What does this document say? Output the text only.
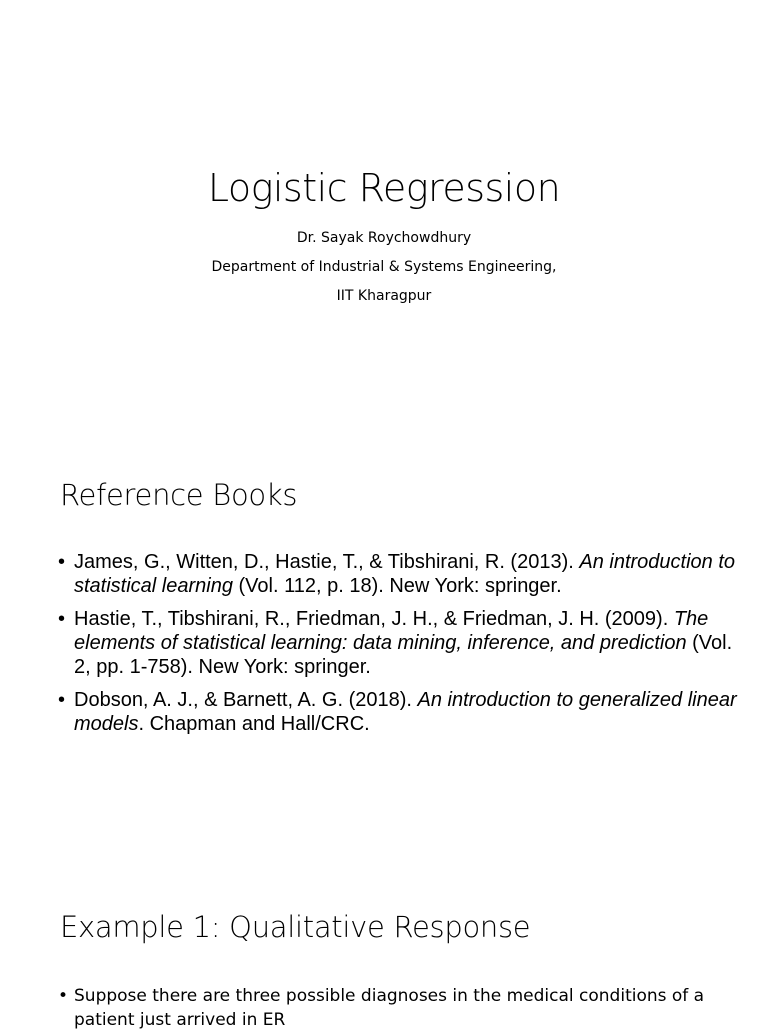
Logistic Regression
Dr. Sayak Roychowdhury
Department of Industrial & Systems Engineering,
IIT Kharagpur
Reference Books
• James, G., Witten, D., Hastie, T., & Tibshirani, R. (2013). An introduction to statistical learning (Vol. 112, p. 18). New York: springer.
• Hastie, T., Tibshirani, R., Friedman, J. H., & Friedman, J. H. (2009). The elements of statistical learning: data mining, inference, and prediction (Vol. 2, pp. 1-758). New York: springer.
• Dobson, A. J., & Barnett, A. G. (2018). An introduction to generalized linear models. Chapman and Hall/CRC.
Example 1: Qualitative Response
• Suppose there are three possible diagnoses in the medical conditions of a patient just arrived in ER
